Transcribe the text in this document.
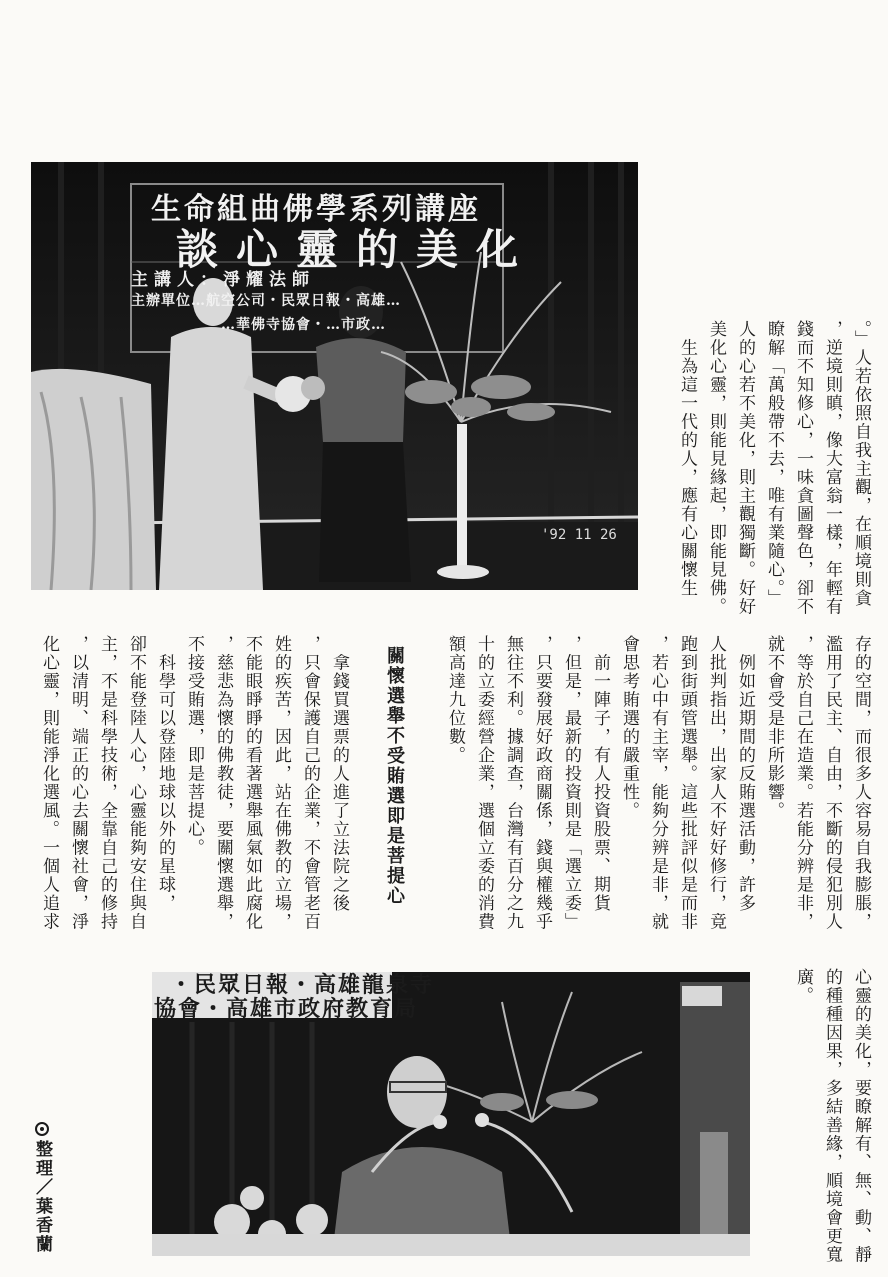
生命組曲佛學系列講座
談心靈的美化
主講人：淨耀法師
主辦單位…航空公司・民眾日報・高雄…
…華佛寺協會・…市政…
'92 11 26	。」人若依照自我主觀，在順境則貪
，逆境則瞋，像大富翁一樣，年輕有
錢而不知修心，一味貪圖聲色，卻不
瞭解「萬般帶不去，唯有業隨心。」
人的心若不美化，則主觀獨斷。好好
美化心靈，則能見緣起，即能見佛。
　生為這一代的人，應有心關懷生
存的空間，而很多人容易自我膨脹，
濫用了民主、自由，不斷的侵犯別人
，等於自己在造業。若能分辨是非，
就不會受是非所影響。
　例如近期間的反賄選活動，許多
人批判指出，出家人不好好修行，竟
跑到街頭管選舉。這些批評似是而非
，若心中有主宰，能夠分辨是非，就
會思考賄選的嚴重性。
　前一陣子，有人投資股票、期貨
，但是，最新的投資則是「選立委」
，只要發展好政商關係，錢與權幾乎
無往不利。據調查，台灣有百分之九
十的立委經營企業，選個立委的消費
額高達九位數。
關懷選舉不受賄選即是菩提心
　拿錢買選票的人進了立法院之後
，只會保護自己的企業，不會管老百
姓的疾苦，因此，站在佛教的立場，
不能眼睜睜的看著選舉風氣如此腐化
，慈悲為懷的佛教徒，要關懷選舉，
不接受賄選，即是菩提心。
　科學可以登陸地球以外的星球，
卻不能登陸人心，心靈能夠安住與自
主，不是科學技術，全靠自己的修持
，以清明、端正的心去關懷社會，淨
化心靈，則能淨化選風。一個人追求
心靈的美化，要瞭解有、無、動、靜
的種種因果，多結善緣，順境會更寬
廣。
・民眾日報・高雄龍泉寺
協會・高雄市政府教育局
整理／葉香蘭
